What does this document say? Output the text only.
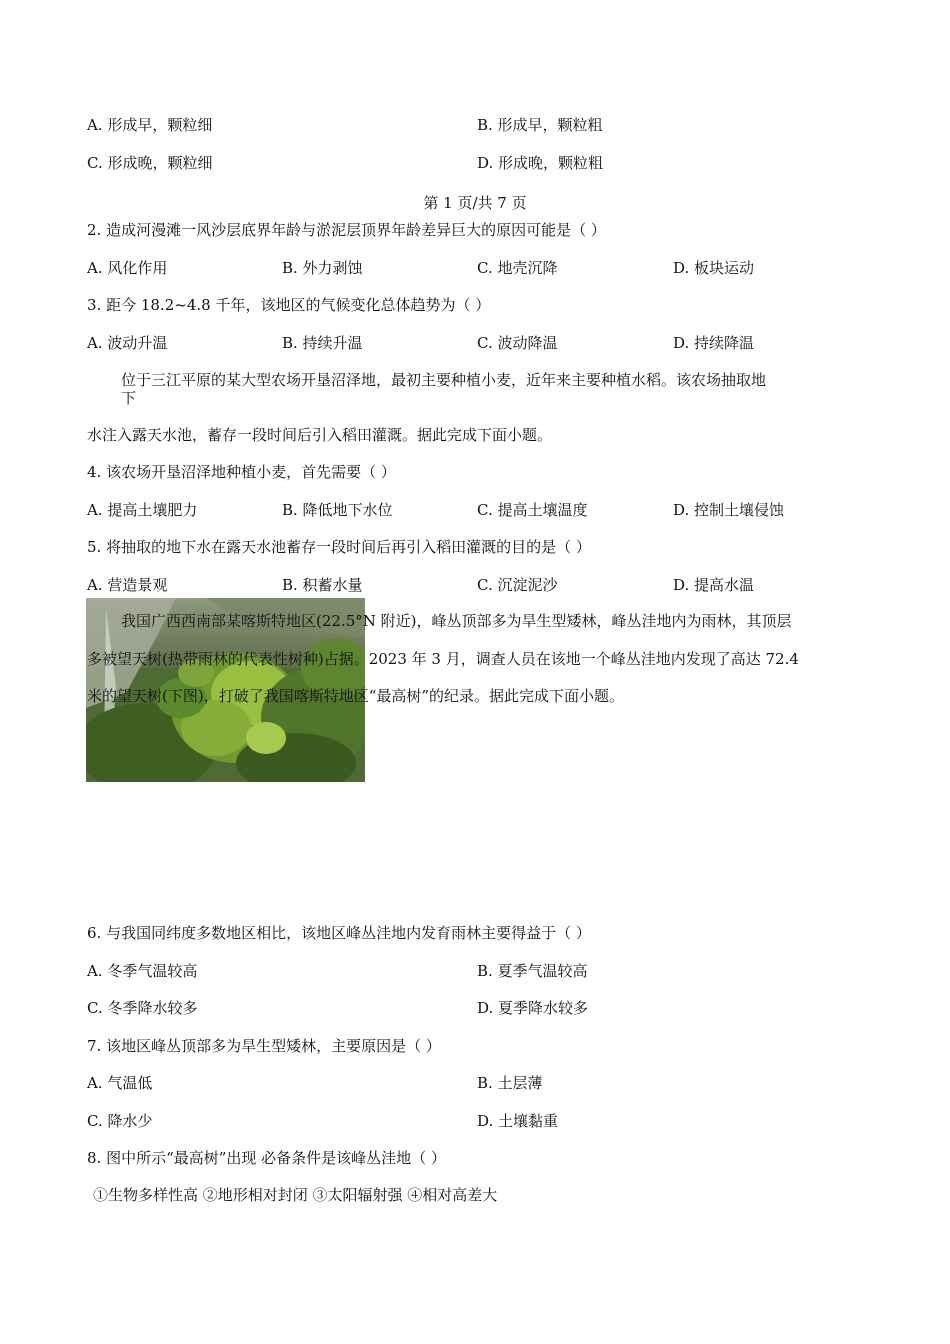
A. 形成早，颗粒细	B. 形成早，颗粒粗
C. 形成晚，颗粒细	D. 形成晚，颗粒粗
第 1 页/共 7 页
2. 造成河漫滩一风沙层底界年龄与淤泥层顶界年龄差异巨大的原因可能是（ ）
A. 风化作用	B. 外力剥蚀	C. 地壳沉降	D. 板块运动
3. 距今 18.2~4.8 千年，该地区的气候变化总体趋势为（ ）
A. 波动升温	B. 持续升温	C. 波动降温	D. 持续降温
位于三江平原的某大型农场开垦沼泽地，最初主要种植小麦，近年来主要种植水稻。该农场抽取地
下
水注入露天水池，蓄存一段时间后引入稻田灌溉。据此完成下面小题。
4. 该农场开垦沼泽地种植小麦，首先需要（ ）
A. 提高土壤肥力	B. 降低地下水位	C. 提高土壤温度	D. 控制土壤侵蚀
5. 将抽取的地下水在露天水池蓄存一段时间后再引入稻田灌溉的目的是（ ）
A. 营造景观	B. 积蓄水量	C. 沉淀泥沙	D. 提高水温
我国广西西南部某喀斯特地区(22.5°N 附近)，峰丛顶部多为旱生型矮林，峰丛洼地内为雨林，其顶层
多被望天树(热带雨林的代表性树种)占据。2023 年 3 月，调查人员在该地一个峰丛洼地内发现了高达 72.4
米的望天树(下图)，打破了我国喀斯特地区“最高树”的纪录。据此完成下面小题。
6. 与我国同纬度多数地区相比，该地区峰丛洼地内发育雨林主要得益于（ ）
A. 冬季气温较高	B. 夏季气温较高
C. 冬季降水较多	D. 夏季降水较多
7. 该地区峰丛顶部多为旱生型矮林，主要原因是（ ）
A. 气温低	B. 土层薄
C. 降水少	D. 土壤黏重
8. 图中所示“最高树”出现 必备条件是该峰丛洼地（ ）
①生物多样性高 ②地形相对封闭 ③太阳辐射强 ④相对高差大
